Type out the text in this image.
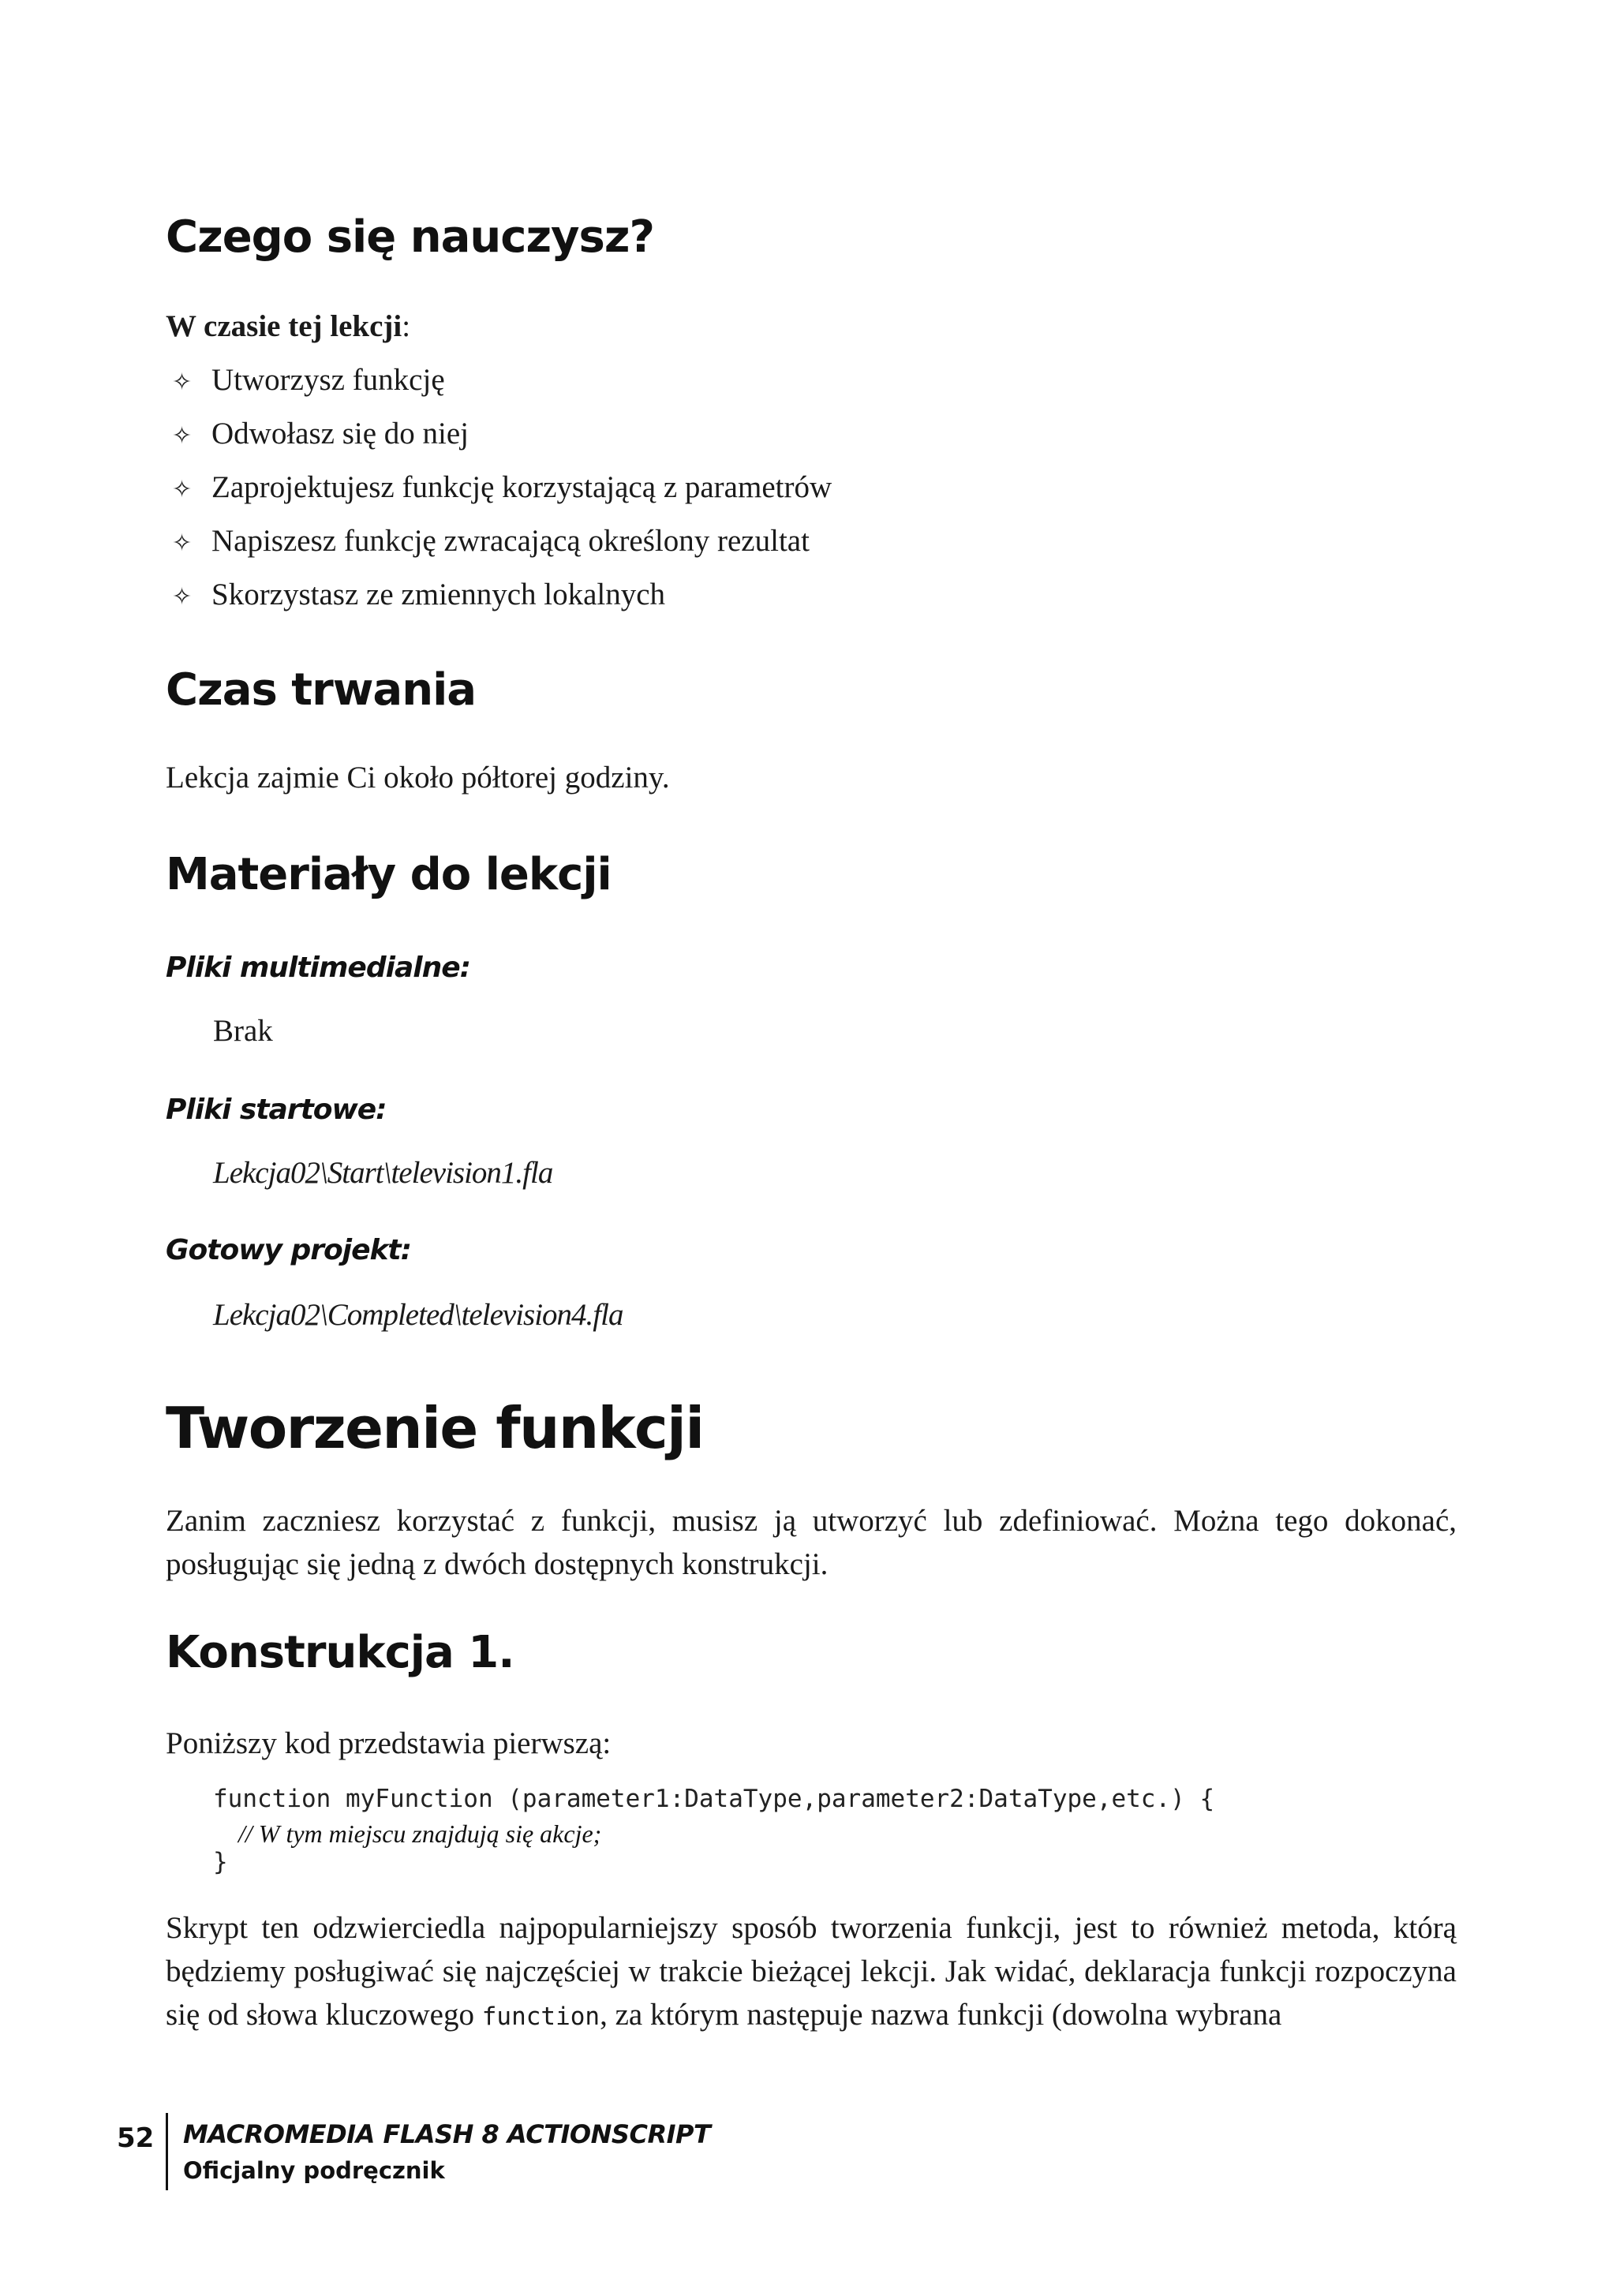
Czego się nauczysz?
W czasie tej lekcji:
✧ Utworzysz funkcję
✧ Odwołasz się do niej
✧ Zaprojektujesz funkcję korzystającą z parametrów
✧ Napiszesz funkcję zwracającą określony rezultat
✧ Skorzystasz ze zmiennych lokalnych
Czas trwania
Lekcja zajmie Ci około półtorej godziny.
Materiały do lekcji
Pliki multimedialne:
Brak
Pliki startowe:
Lekcja02\Start\television1.fla
Gotowy projekt:
Lekcja02\Completed\television4.fla
Tworzenie funkcji
Zanim zaczniesz korzystać z funkcji, musisz ją utworzyć lub zdefiniować. Można tego dokonać, posługując się jedną z dwóch dostępnych konstrukcji.
Konstrukcja 1.
Poniższy kod przedstawia pierwszą:
function myFunction (parameter1:DataType,parameter2:DataType,etc.) {
// W tym miejscu znajdują się akcje;
}
Skrypt ten odzwierciedla najpopularniejszy sposób tworzenia funkcji, jest to również metoda, którą będziemy posługiwać się najczęściej w trakcie bieżącej lekcji. Jak widać, deklaracja funkcji rozpoczyna się od słowa kluczowego function, za którym następuje nazwa funkcji (dowolna wybrana
52 MACROMEDIA FLASH 8 ACTIONSCRIPT
Oficjalny podręcznik
